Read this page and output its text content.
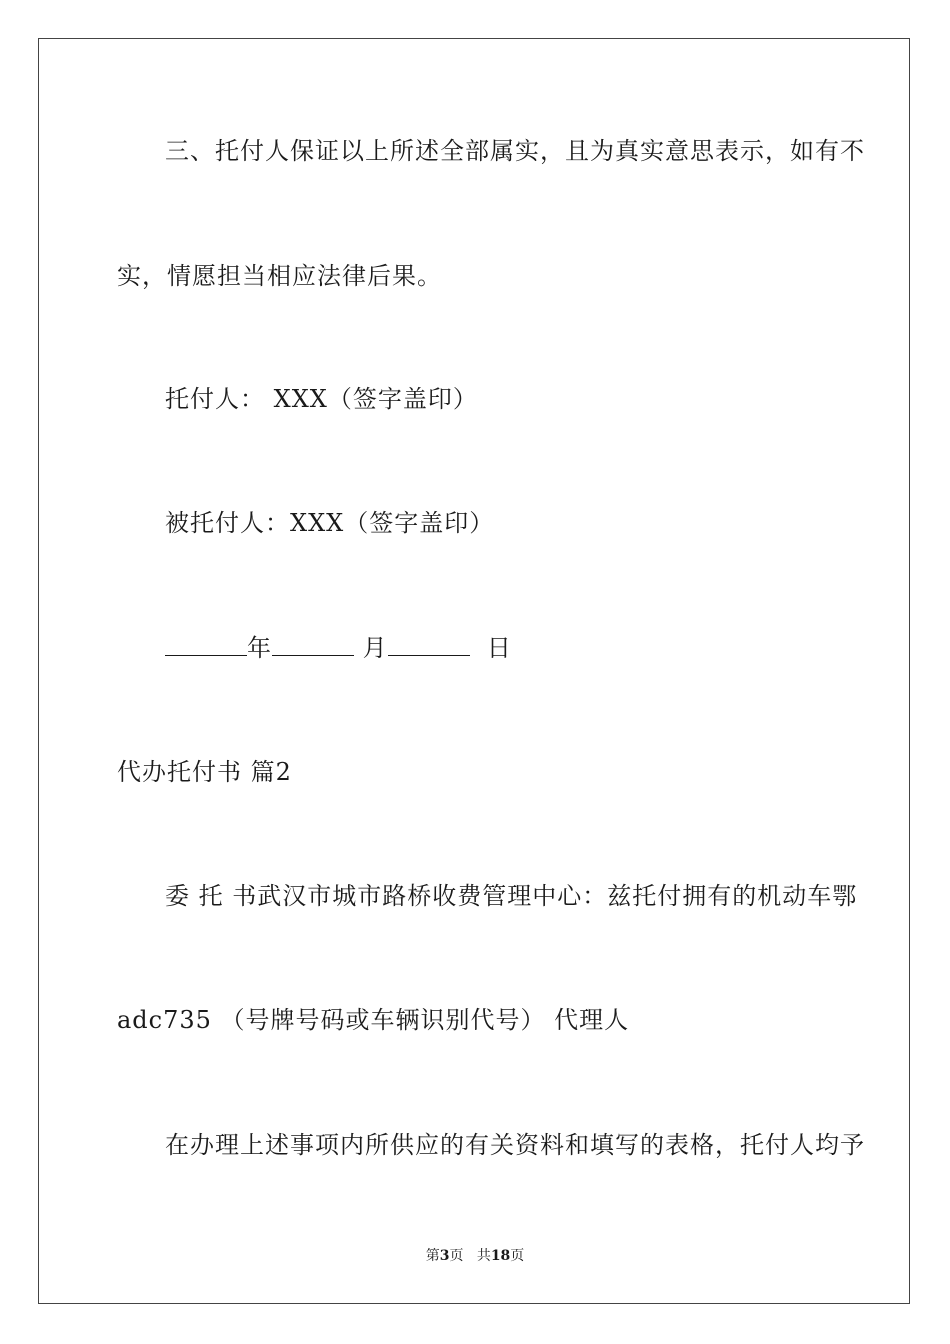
三、托付人保证以上所述全部属实，且为真实意思表示，如有不
实，情愿担当相应法律后果。
托付人： XXX（签字盖印）
被托付人：XXX（签字盖印）
年	月	日
代办托付书 篇2
委 托 书武汉市城市路桥收费管理中心：兹托付拥有的机动车鄂
adc735 （号牌号码或车辆识别代号） 代理人
在办理上述事项内所供应的有关资料和填写的表格，托付人均予
第3页 共18页
